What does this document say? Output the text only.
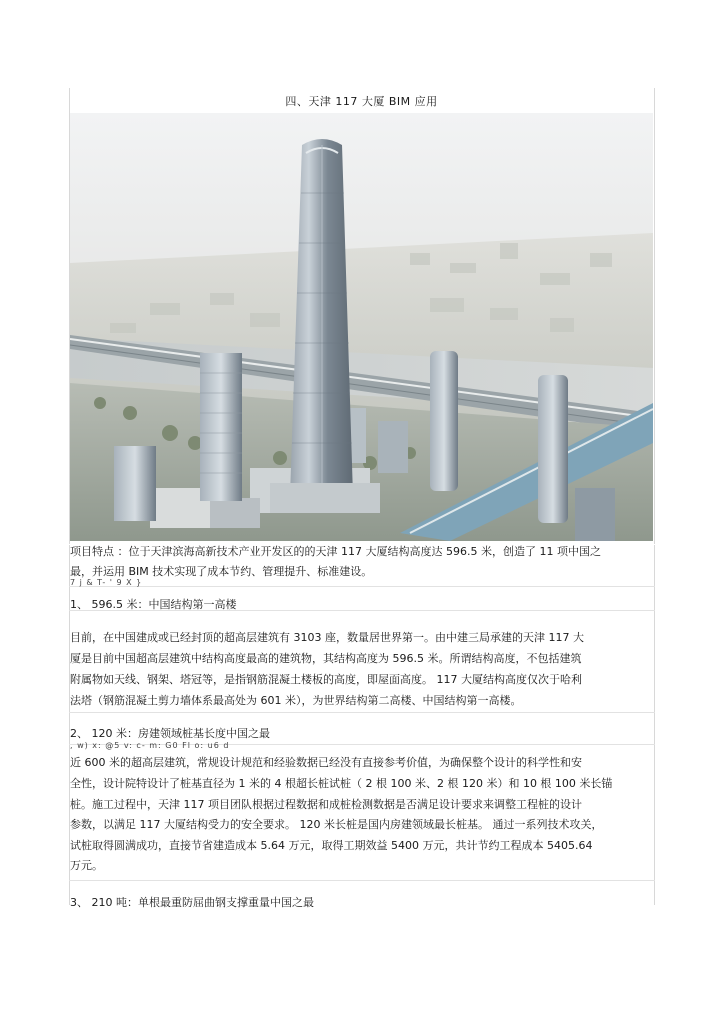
四、天津 117 大厦 BIM 应用
项目特点 ：位于天津滨海高新技术产业开发区的的天津 117 大厦结构高度达 596.5 米，创造了 11 项中国之
最，并运用 BIM 技术实现了成本节约、管理提升、标准建设。
7 j & T- ' 9 X }
1、 596.5 米：中国结构第一高楼
目前，在中国建成或已经封顶的超高层建筑有 3103 座，数量居世界第一。由中建三局承建的天津 117 大
厦是目前中国超高层建筑中结构高度最高的建筑物，其结构高度为 596.5 米。所谓结构高度，不包括建筑
附属物如天线、钢架、塔冠等，是指钢筋混凝土楼板的高度，即屋面高度。 117 大厦结构高度仅次于哈利
法塔（钢筋混凝土剪力墙体系最高处为 601 米），为世界结构第二高楼、中国结构第一高楼。
2、 120 米：房建领域桩基长度中国之最
, w) x: @5 v: c- m: G0 Fl o: u6 d
近 600 米的超高层建筑，常规设计规范和经验数据已经没有直接参考价值，为确保整个设计的科学性和安
全性，设计院特设计了桩基直径为 1 米的 4 根超长桩试桩（ 2 根 100 米、2 根 120 米）和 10 根 100 米长锚
桩。施工过程中，天津 117 项目团队根据过程数据和成桩检测数据是否满足设计要求来调整工程桩的设计
参数，以满足 117 大厦结构受力的安全要求。 120 米长桩是国内房建领域最长桩基。 通过一系列技术攻关，
试桩取得圆满成功，直接节省建造成本 5.64 万元，取得工期效益 5400 万元，共计节约工程成本 5405.64
万元。
3、 210 吨：单根最重防屈曲钢支撑重量中国之最
